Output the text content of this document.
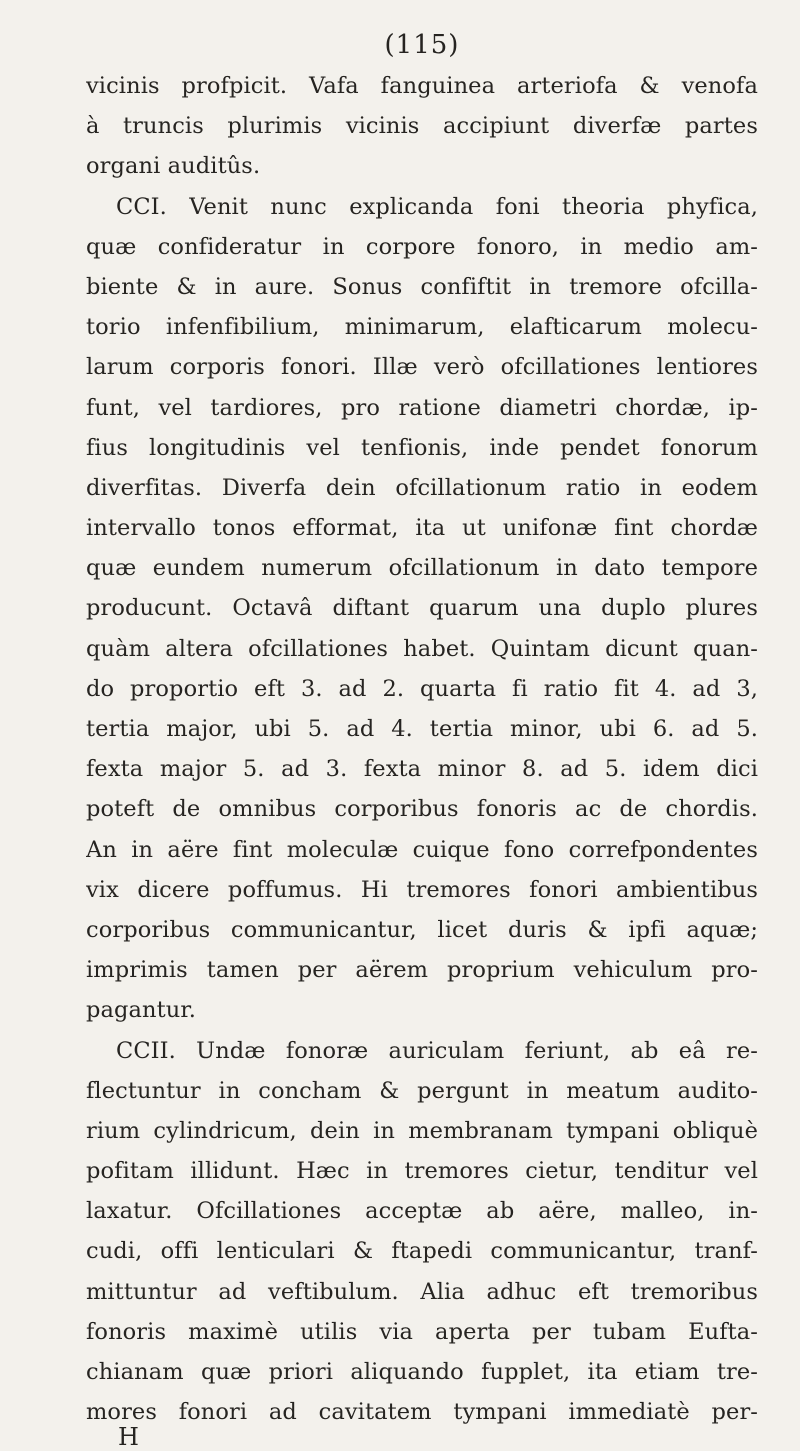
(115)
vicinis profpicit. Vafa fanguinea arteriofa & venofa
à truncis plurimis vicinis accipiunt diverfæ partes
organi auditûs.
CCI. Venit nunc explicanda foni theoria phyfica,
quæ confideratur in corpore fonoro, in medio am-
biente & in aure. Sonus confiftit in tremore ofcilla-
torio infenfibilium, minimarum, elafticarum molecu-
larum corporis fonori. Illæ verò ofcillationes lentiores
funt, vel tardiores, pro ratione diametri chordæ, ip-
fius longitudinis vel tenfionis, inde pendet fonorum
diverfitas. Diverfa dein ofcillationum ratio in eodem
intervallo tonos efformat, ita ut unifonæ fint chordæ
quæ eundem numerum ofcillationum in dato tempore
producunt. Octavâ diftant quarum una duplo plures
quàm altera ofcillationes habet. Quintam dicunt quan-
do proportio eft 3. ad 2. quarta fi ratio fit 4. ad 3,
tertia major, ubi 5. ad 4. tertia minor, ubi 6. ad 5.
fexta major 5. ad 3. fexta minor 8. ad 5. idem dici
poteft de omnibus corporibus fonoris ac de chordis.
An in aëre fint moleculæ cuique fono correfpondentes
vix dicere poffumus. Hi tremores fonori ambientibus
corporibus communicantur, licet duris & ipfi aquæ;
imprimis tamen per aërem proprium vehiculum pro-
pagantur.
CCII. Undæ fonoræ auriculam feriunt, ab eâ re-
flectuntur in concham & pergunt in meatum audito-
rium cylindricum, dein in membranam tympani obliquè
pofitam illidunt. Hæc in tremores cietur, tenditur vel
laxatur. Ofcillationes acceptæ ab aëre, malleo, in-
cudi, offi lenticulari & ftapedi communicantur, tranf-
mittuntur ad veftibulum. Alia adhuc eft tremoribus
fonoris maximè utilis via aperta per tubam Eufta-
chianam quæ priori aliquando fupplet, ita etiam tre-
mores fonori ad cavitatem tympani immediatè per-
H
